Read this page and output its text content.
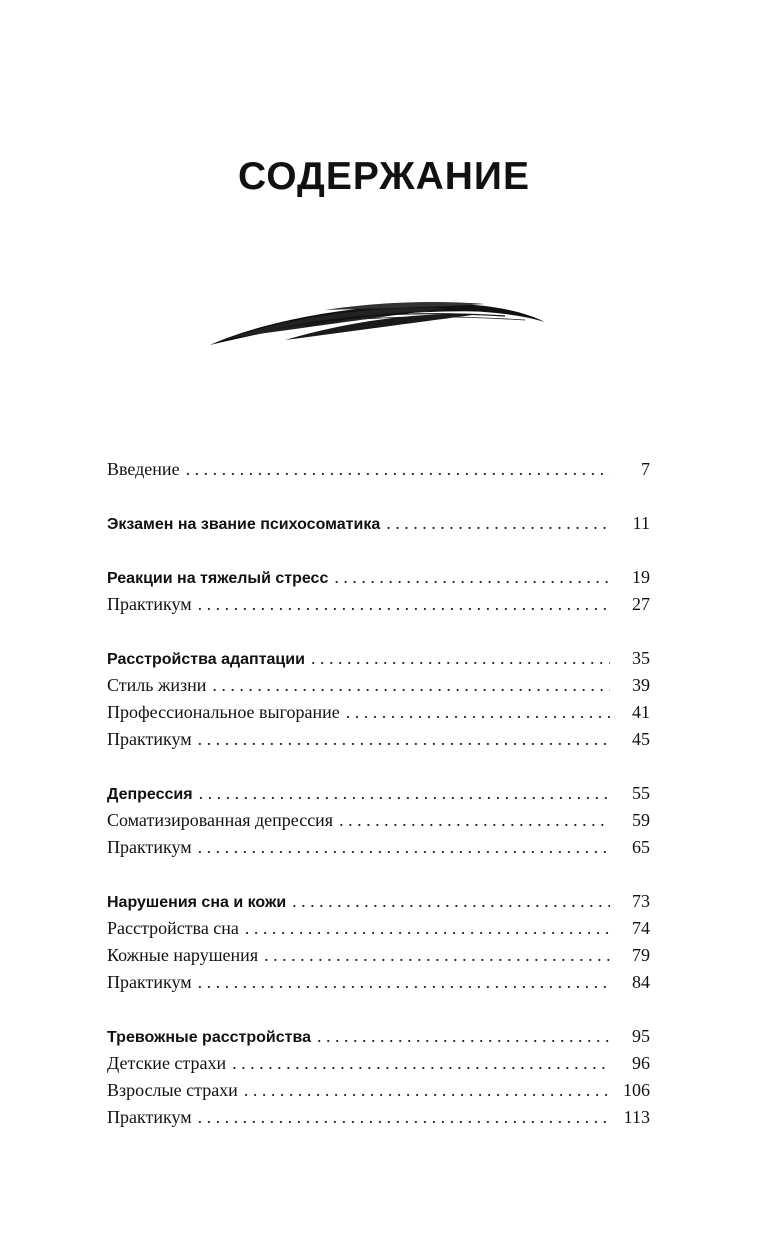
СОДЕРЖАНИЕ
Введение . . .	7
Экзамен на звание психосоматика . . .	11
Реакции на тяжелый стресс . . .	19
Практикум . . .	27
Расстройства адаптации . . .	35
Стиль жизни . . .	39
Профессиональное выгорание . . .	41
Практикум . . .	45
Депрессия . . .	55
Соматизированная депрессия . . .	59
Практикум . . .	65
Нарушения сна и кожи . . .	73
Расстройства сна . . .	74
Кожные нарушения . . .	79
Практикум . . .	84
Тревожные расстройства . . .	95
Детские страхи . . .	96
Взрослые страхи . . .	106
Практикум . . .	113
